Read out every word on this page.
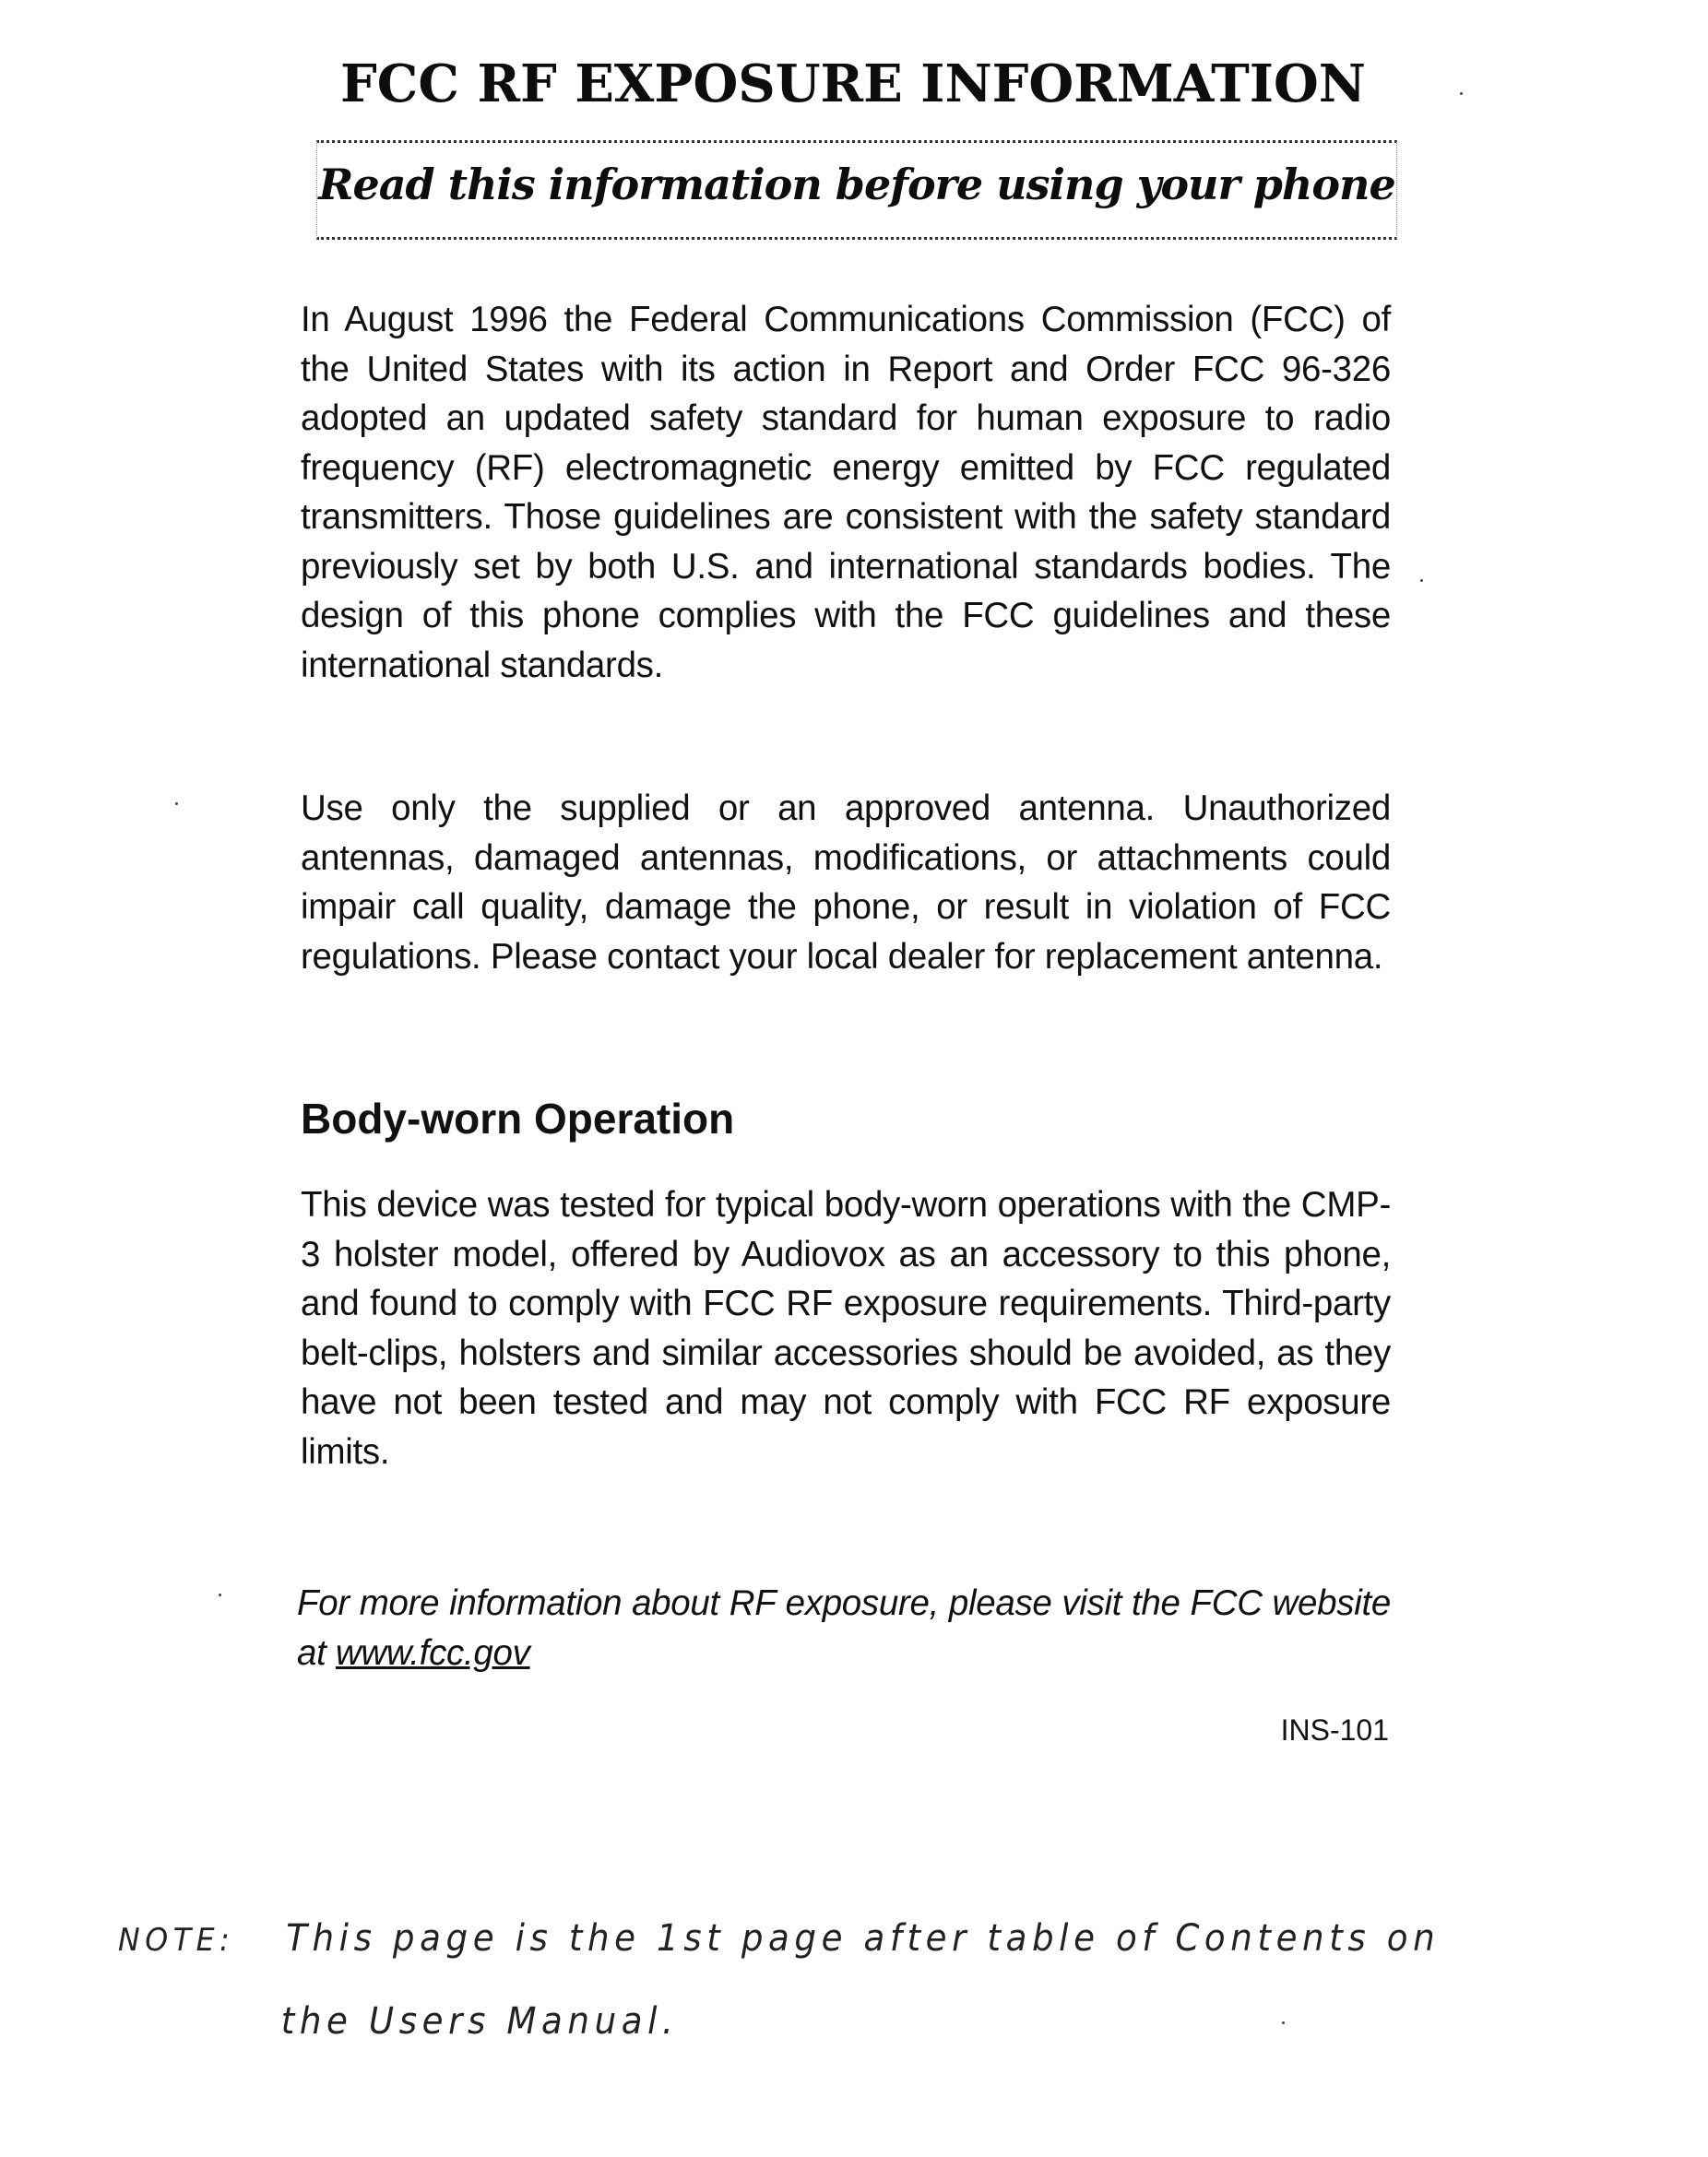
FCC RF EXPOSURE INFORMATION
Read this information before using your phone
In August 1996 the Federal Communications Commission (FCC) of the United States with its action in Report and Order FCC 96-326 adopted an updated safety standard for human exposure to radio frequency (RF) electromagnetic energy emitted by FCC regulated transmitters. Those guidelines are consistent with the safety standard previously set by both U.S. and international standards bodies. The design of this phone complies with the FCC guidelines and these international standards.
Use only the supplied or an approved antenna. Unauthorized antennas, damaged antennas, modifications, or attachments could impair call quality, damage the phone, or result in violation of FCC regulations. Please contact your local dealer for replacement antenna.
Body-worn Operation
This device was tested for typical body-worn operations with the CMP-3 holster model, offered by Audiovox as an accessory to this phone, and found to comply with FCC RF exposure requirements. Third-party belt-clips, holsters and similar accessories should be avoided, as they have not been tested and may not comply with FCC RF exposure limits.
For more information about RF exposure, please visit the FCC website at www.fcc.gov
INS-101
NOTE: This page is the 1st page after table of Contents on
the Users Manual.
